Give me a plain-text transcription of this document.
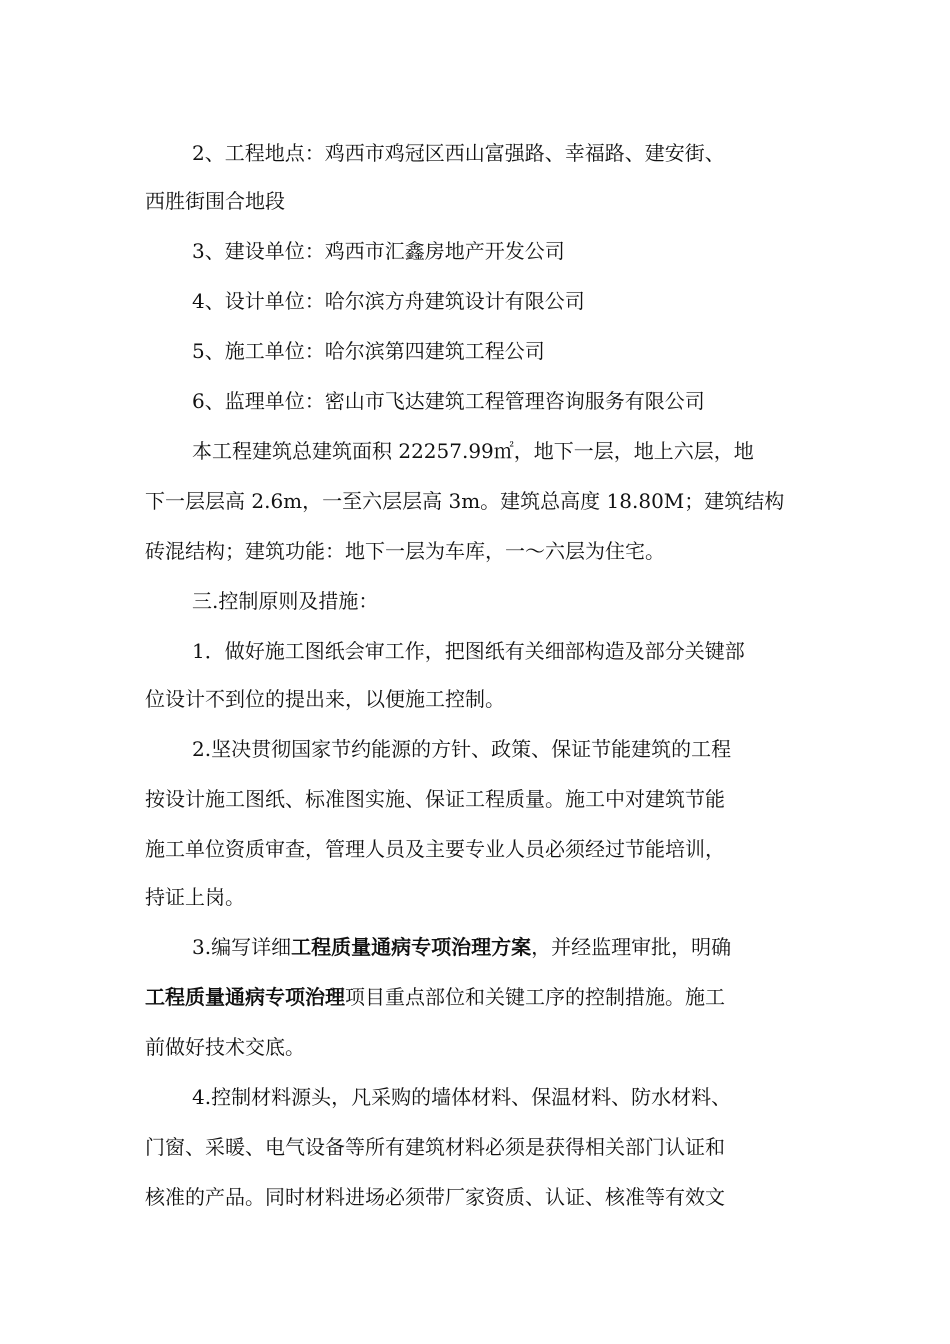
2、工程地点：鸡西市鸡冠区西山富强路、幸福路、建安街、
西胜街围合地段
3、建设单位：鸡西市汇鑫房地产开发公司
4、设计单位：哈尔滨方舟建筑设计有限公司
5、施工单位：哈尔滨第四建筑工程公司
6、监理单位：密山市飞达建筑工程管理咨询服务有限公司
本工程建筑总建筑面积 22257.99㎡，地下一层，地上六层，地
下一层层高 2.6m，一至六层层高 3m。建筑总高度 18.80M；建筑结构
砖混结构；建筑功能：地下一层为车库，一～六层为住宅。
三.控制原则及措施：
1．做好施工图纸会审工作，把图纸有关细部构造及部分关键部
位设计不到位的提出来，以便施工控制。
2.坚决贯彻国家节约能源的方针、政策、保证节能建筑的工程
按设计施工图纸、标准图实施、保证工程质量。施工中对建筑节能
施工单位资质审查，管理人员及主要专业人员必须经过节能培训，
持证上岗。
3.编写详细工程质量通病专项治理方案，并经监理审批，明确
工程质量通病专项治理项目重点部位和关键工序的控制措施。施工
前做好技术交底。
4.控制材料源头，凡采购的墙体材料、保温材料、防水材料、
门窗、采暖、电气设备等所有建筑材料必须是获得相关部门认证和
核准的产品。同时材料进场必须带厂家资质、认证、核准等有效文
